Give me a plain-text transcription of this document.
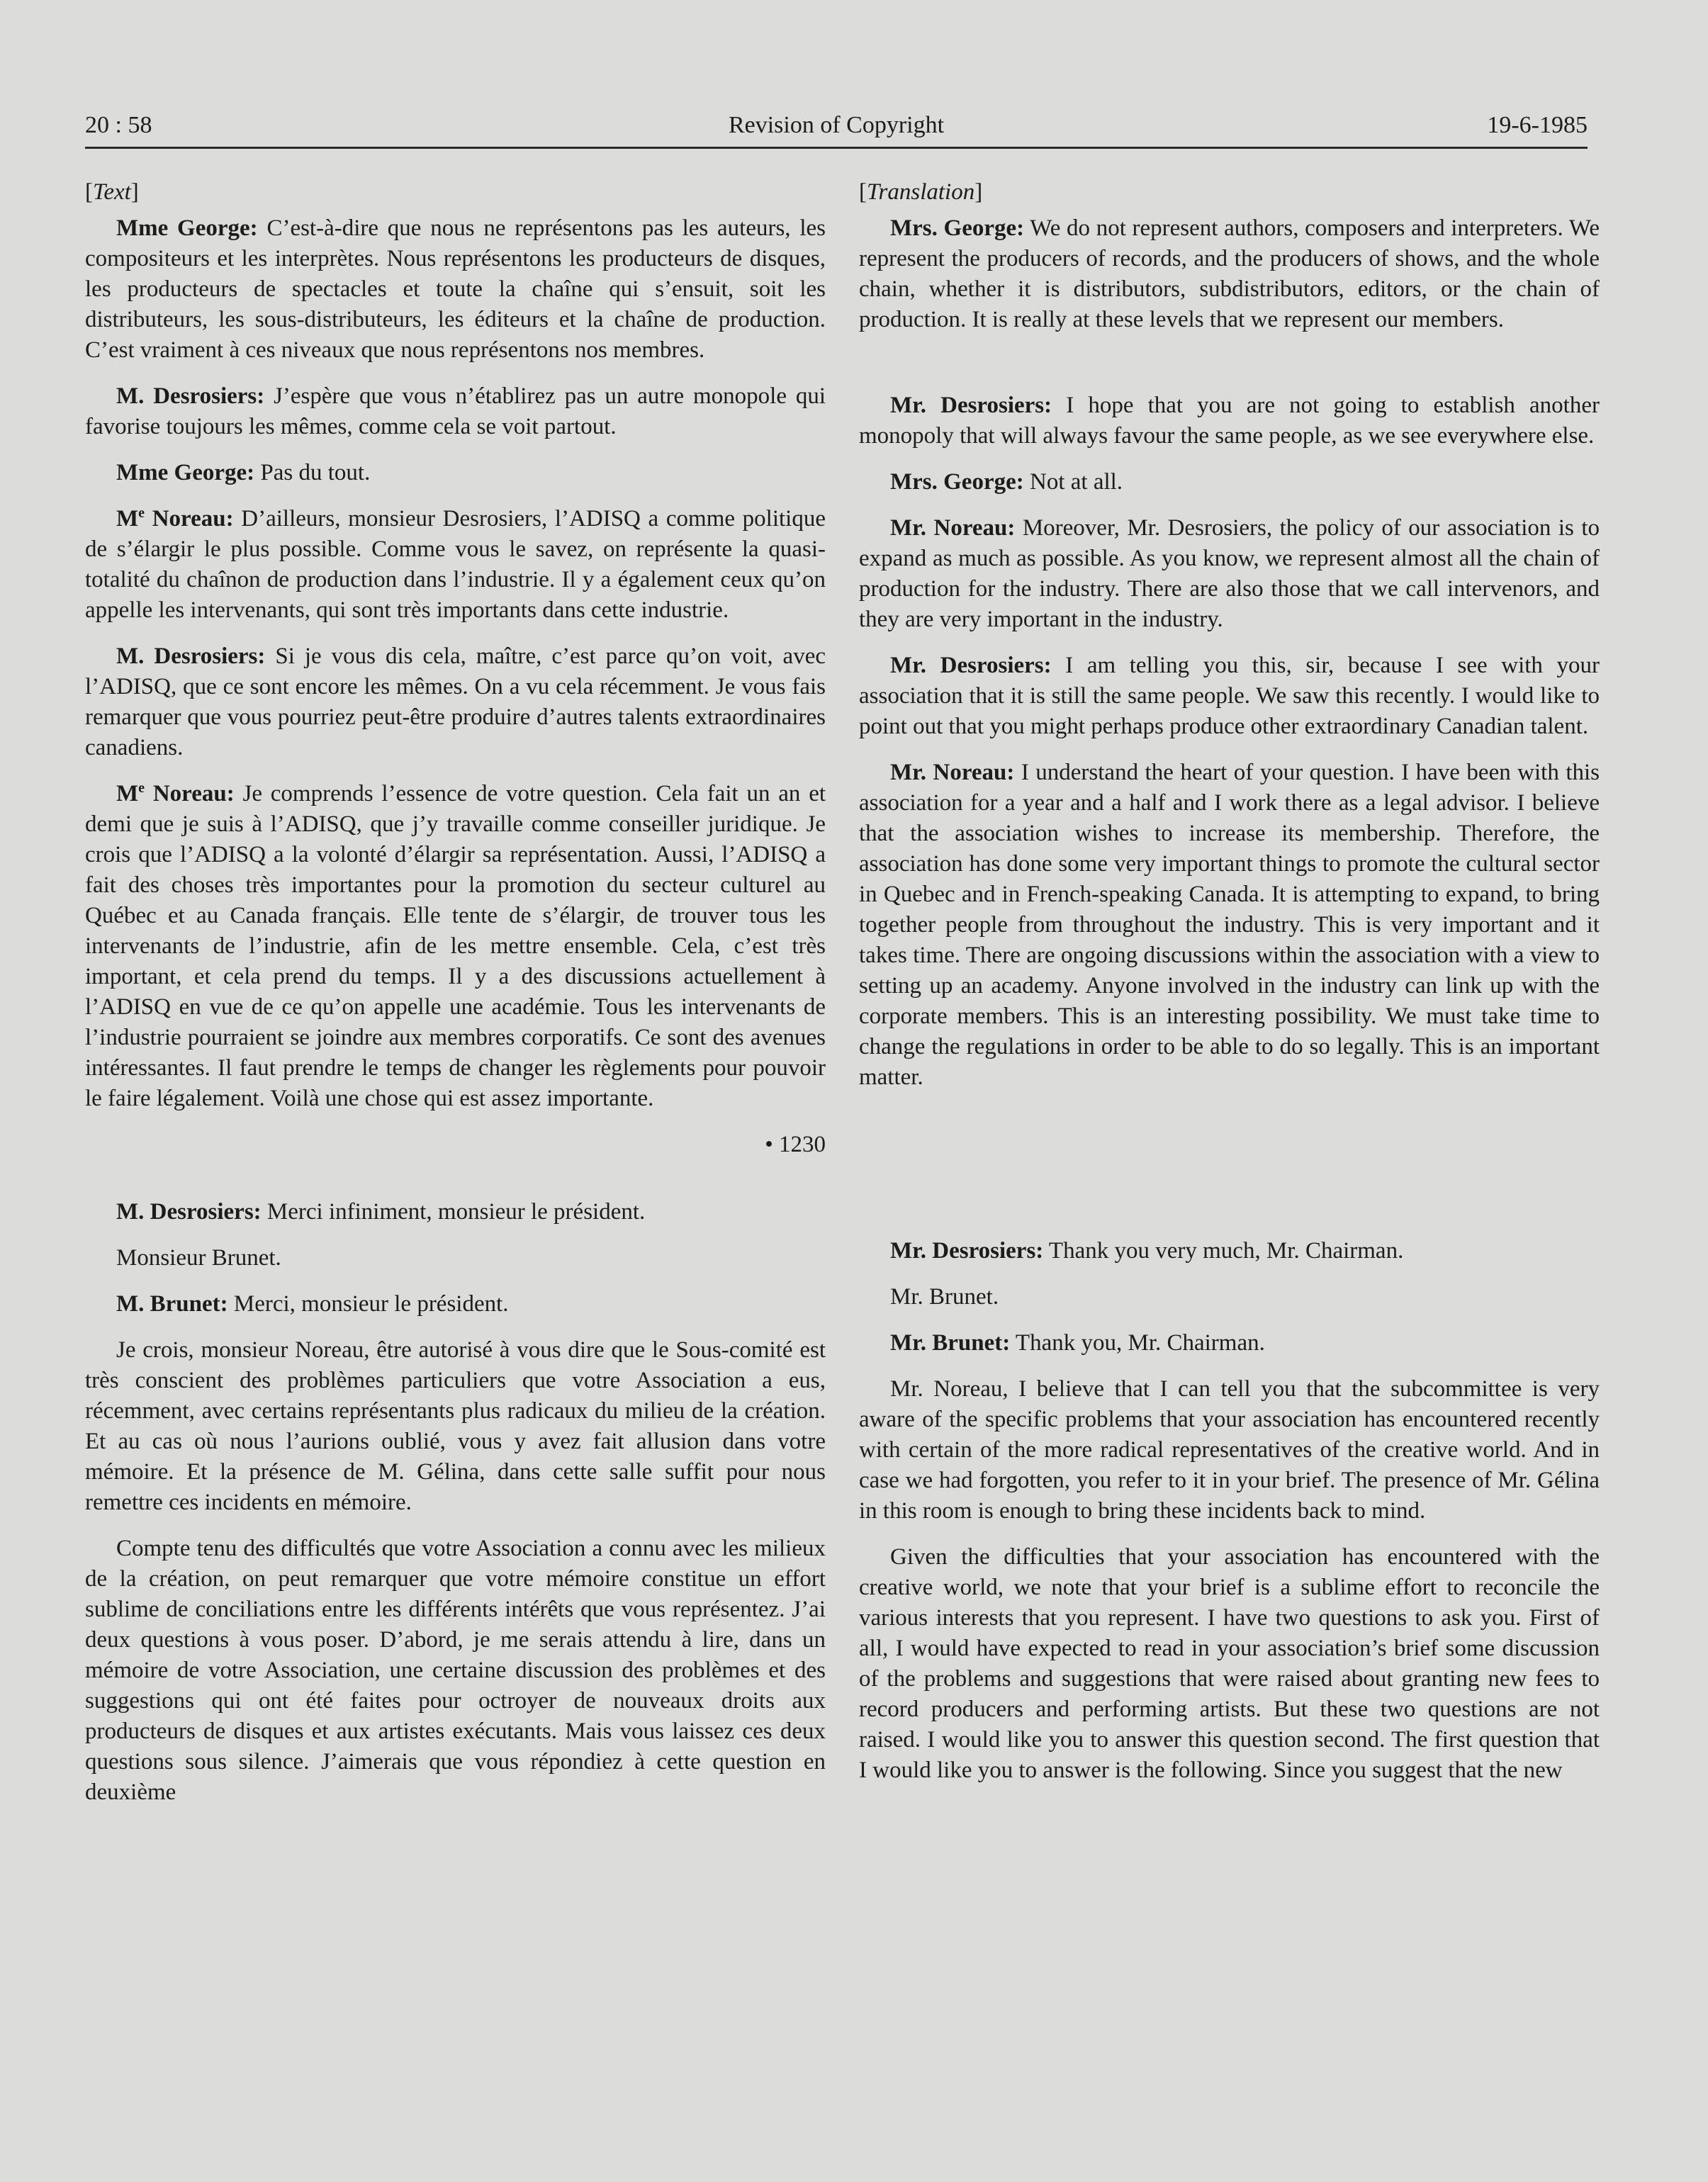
20 : 58	Revision of Copyright	19-6-1985

[Text]

Mme George: C’est-à-dire que nous ne représentons pas les auteurs, les compositeurs et les interprètes. Nous représentons les producteurs de disques, les producteurs de spectacles et toute la chaîne qui s’ensuit, soit les distributeurs, les sous-distributeurs, les éditeurs et la chaîne de production. C’est vraiment à ces niveaux que nous représentons nos membres.

M. Desrosiers: J’espère que vous n’établirez pas un autre monopole qui favorise toujours les mêmes, comme cela se voit partout.

Mme George: Pas du tout.

Me Noreau: D’ailleurs, monsieur Desrosiers, l’ADISQ a comme politique de s’élargir le plus possible. Comme vous le savez, on représente la quasi-totalité du chaînon de production dans l’industrie. Il y a également ceux qu’on appelle les intervenants, qui sont très importants dans cette industrie.

M. Desrosiers: Si je vous dis cela, maître, c’est parce qu’on voit, avec l’ADISQ, que ce sont encore les mêmes. On a vu cela récemment. Je vous fais remarquer que vous pourriez peut-être produire d’autres talents extraordinaires canadiens.

Me Noreau: Je comprends l’essence de votre question. Cela fait un an et demi que je suis à l’ADISQ, que j’y travaille comme conseiller juridique. Je crois que l’ADISQ a la volonté d’élargir sa représentation. Aussi, l’ADISQ a fait des choses très importantes pour la promotion du secteur culturel au Québec et au Canada français. Elle tente de s’élargir, de trouver tous les intervenants de l’industrie, afin de les mettre ensemble. Cela, c’est très important, et cela prend du temps. Il y a des discussions actuellement à l’ADISQ en vue de ce qu’on appelle une académie. Tous les intervenants de l’industrie pourraient se joindre aux membres corporatifs. Ce sont des avenues intéressantes. Il faut prendre le temps de changer les règlements pour pouvoir le faire légalement. Voilà une chose qui est assez importante.

• 1230

M. Desrosiers: Merci infiniment, monsieur le président.

Monsieur Brunet.

M. Brunet: Merci, monsieur le président.

Je crois, monsieur Noreau, être autorisé à vous dire que le Sous-comité est très conscient des problèmes particuliers que votre Association a eus, récemment, avec certains représentants plus radicaux du milieu de la création. Et au cas où nous l’aurions oublié, vous y avez fait allusion dans votre mémoire. Et la présence de M. Gélina, dans cette salle suffit pour nous remettre ces incidents en mémoire.

Compte tenu des difficultés que votre Association a connu avec les milieux de la création, on peut remarquer que votre mémoire constitue un effort sublime de conciliations entre les différents intérêts que vous représentez. J’ai deux questions à vous poser. D’abord, je me serais attendu à lire, dans un mémoire de votre Association, une certaine discussion des problèmes et des suggestions qui ont été faites pour octroyer de nouveaux droits aux producteurs de disques et aux artistes exécutants. Mais vous laissez ces deux questions sous silence. J’aimerais que vous répondiez à cette question en deuxième

[Translation]

Mrs. George: We do not represent authors, composers and interpreters. We represent the producers of records, and the producers of shows, and the whole chain, whether it is distributors, subdistributors, editors, or the chain of production. It is really at these levels that we represent our members.

Mr. Desrosiers: I hope that you are not going to establish another monopoly that will always favour the same people, as we see everywhere else.

Mrs. George: Not at all.

Mr. Noreau: Moreover, Mr. Desrosiers, the policy of our association is to expand as much as possible. As you know, we represent almost all the chain of production for the industry. There are also those that we call intervenors, and they are very important in the industry.

Mr. Desrosiers: I am telling you this, sir, because I see with your association that it is still the same people. We saw this recently. I would like to point out that you might perhaps produce other extraordinary Canadian talent.

Mr. Noreau: I understand the heart of your question. I have been with this association for a year and a half and I work there as a legal advisor. I believe that the association wishes to increase its membership. Therefore, the association has done some very important things to promote the cultural sector in Quebec and in French-speaking Canada. It is attempting to expand, to bring together people from throughout the industry. This is very important and it takes time. There are ongoing discussions within the association with a view to setting up an academy. Anyone involved in the industry can link up with the corporate members. This is an interesting possibility. We must take time to change the regulations in order to be able to do so legally. This is an important matter.

Mr. Desrosiers: Thank you very much, Mr. Chairman.

Mr. Brunet.

Mr. Brunet: Thank you, Mr. Chairman.

Mr. Noreau, I believe that I can tell you that the subcommittee is very aware of the specific problems that your association has encountered recently with certain of the more radical representatives of the creative world. And in case we had forgotten, you refer to it in your brief. The presence of Mr. Gélina in this room is enough to bring these incidents back to mind.

Given the difficulties that your association has encountered with the creative world, we note that your brief is a sublime effort to reconcile the various interests that you represent. I have two questions to ask you. First of all, I would have expected to read in your association’s brief some discussion of the problems and suggestions that were raised about granting new fees to record producers and performing artists. But these two questions are not raised. I would like you to answer this question second. The first question that I would like you to answer is the following. Since you suggest that the new
